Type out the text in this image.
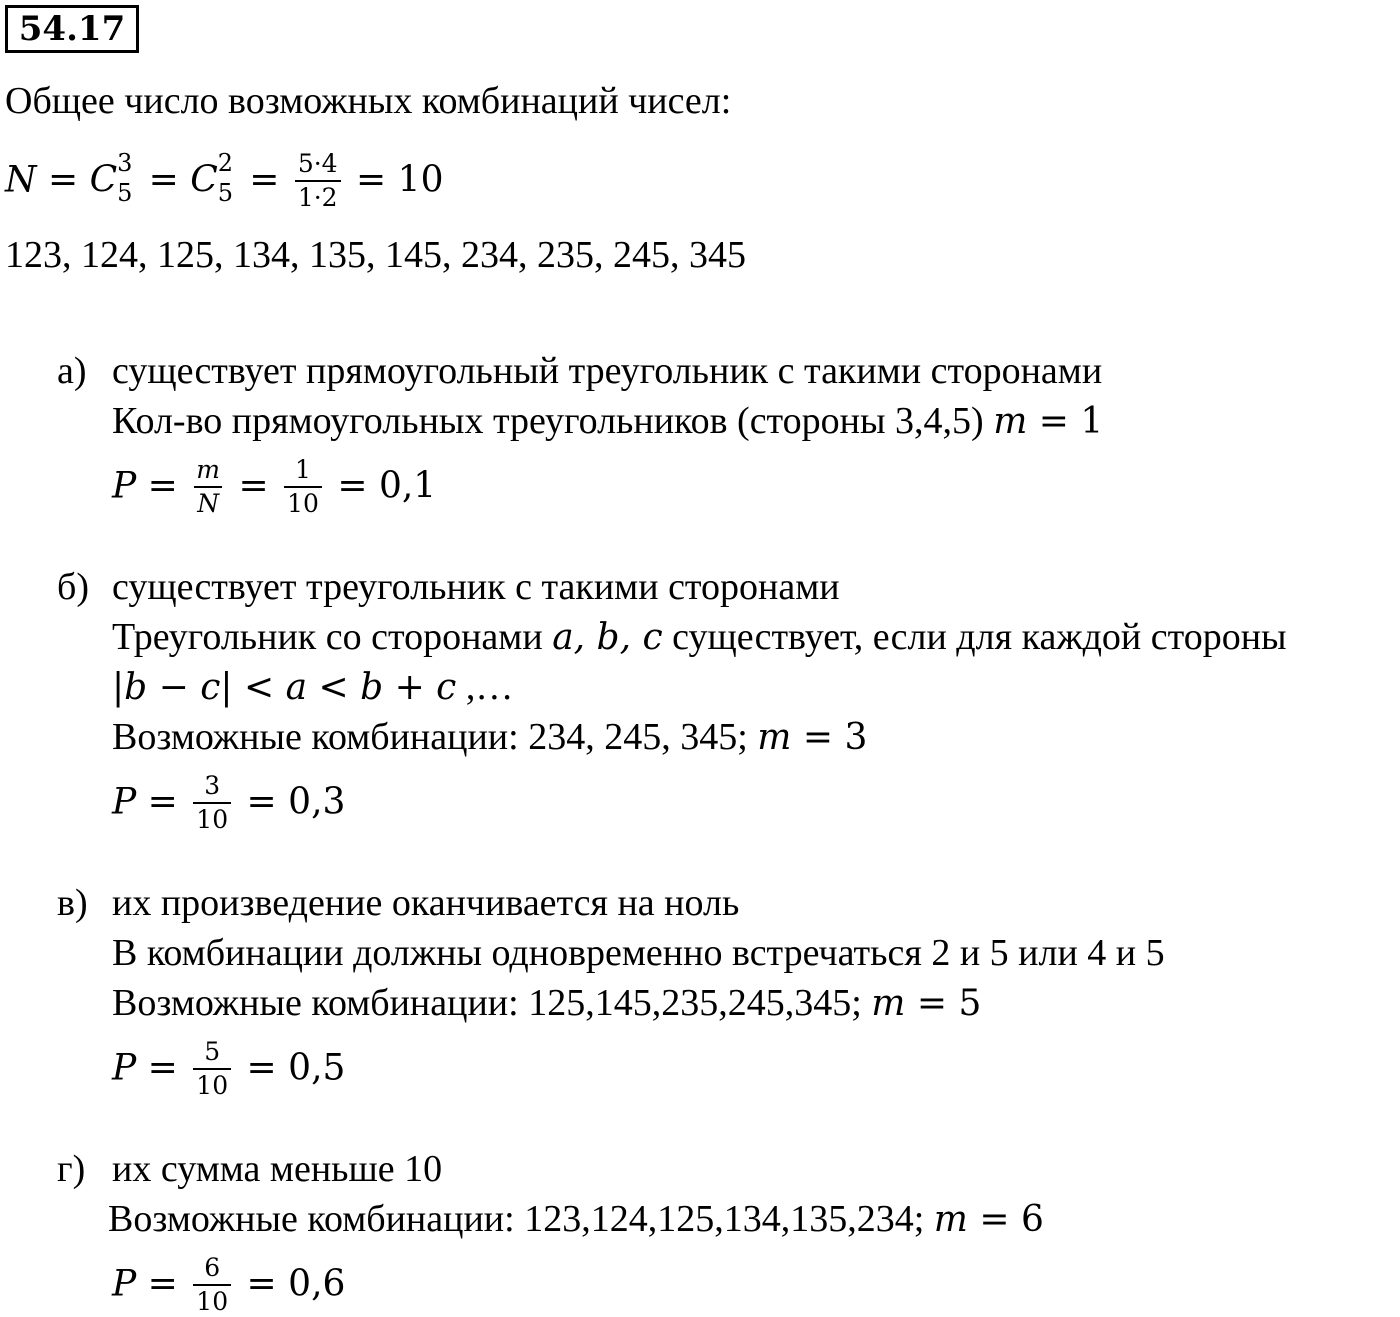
54.17
Общее число возможных комбинаций чисел:
N = C 3
5 = C 2
$5 = \frac{5\cdot 4}{1\cdot 2} = 10$
123, 124, 125, 134, 135, 145, 234, 235, 245, 345
а) существует прямоугольный треугольник с такими сторонами
Кол-во прямоугольных треугольников (стороны 3,4,5) m = 1
$P = \frac{m}{N} = \frac{1}{10} = 0,1$
б) существует треугольник с такими сторонами
Треугольник со сторонами a, b, c существует, если для каждой стороны
|b − c| < a < b + c ,…
Возможные комбинации: 234, 245, 345; m = 3
$P = \frac{3}{10} = 0,3$
в) их произведение оканчивается на ноль
В комбинации должны одновременно встречаться 2 и 5 или 4 и 5
Возможные комбинации: 125,145,235,245,345; m = 5
$P = \frac{5}{10} = 0,5$
г) их сумма меньше 10
Возможные комбинации: 123,124,125,134,135,234; m = 6
$P = \frac{6}{10} = 0,6$
